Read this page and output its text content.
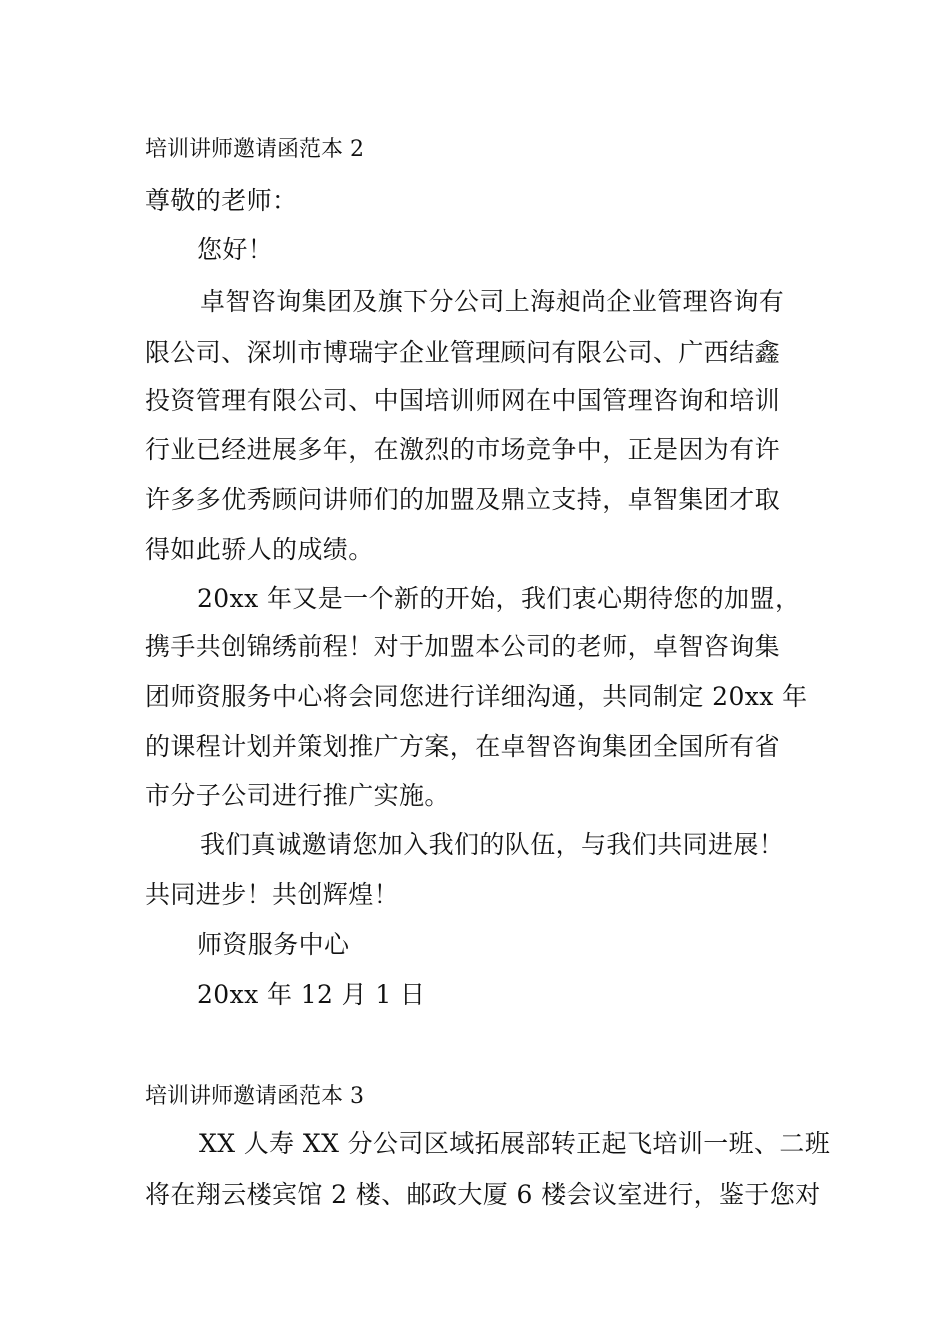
培训讲师邀请函范本 2
尊敬的老师：
您好！
卓智咨询集团及旗下分公司上海昶尚企业管理咨询有
限公司、深圳市博瑞宇企业管理顾问有限公司、广西结鑫
投资管理有限公司、中国培训师网在中国管理咨询和培训
行业已经进展多年，在激烈的市场竞争中，正是因为有许
许多多优秀顾问讲师们的加盟及鼎立支持，卓智集团才取
得如此骄人的成绩。
20xx 年又是一个新的开始，我们衷心期待您的加盟，
携手共创锦绣前程！对于加盟本公司的老师，卓智咨询集
团师资服务中心将会同您进行详细沟通，共同制定 20xx 年
的课程计划并策划推广方案，在卓智咨询集团全国所有省
市分子公司进行推广实施。
我们真诚邀请您加入我们的队伍，与我们共同进展！
共同进步！共创辉煌！
师资服务中心
20xx 年 12 月 1 日
培训讲师邀请函范本 3
XX 人寿 XX 分公司区域拓展部转正起飞培训一班、二班
将在翔云楼宾馆 2 楼、邮政大厦 6 楼会议室进行，鉴于您对
